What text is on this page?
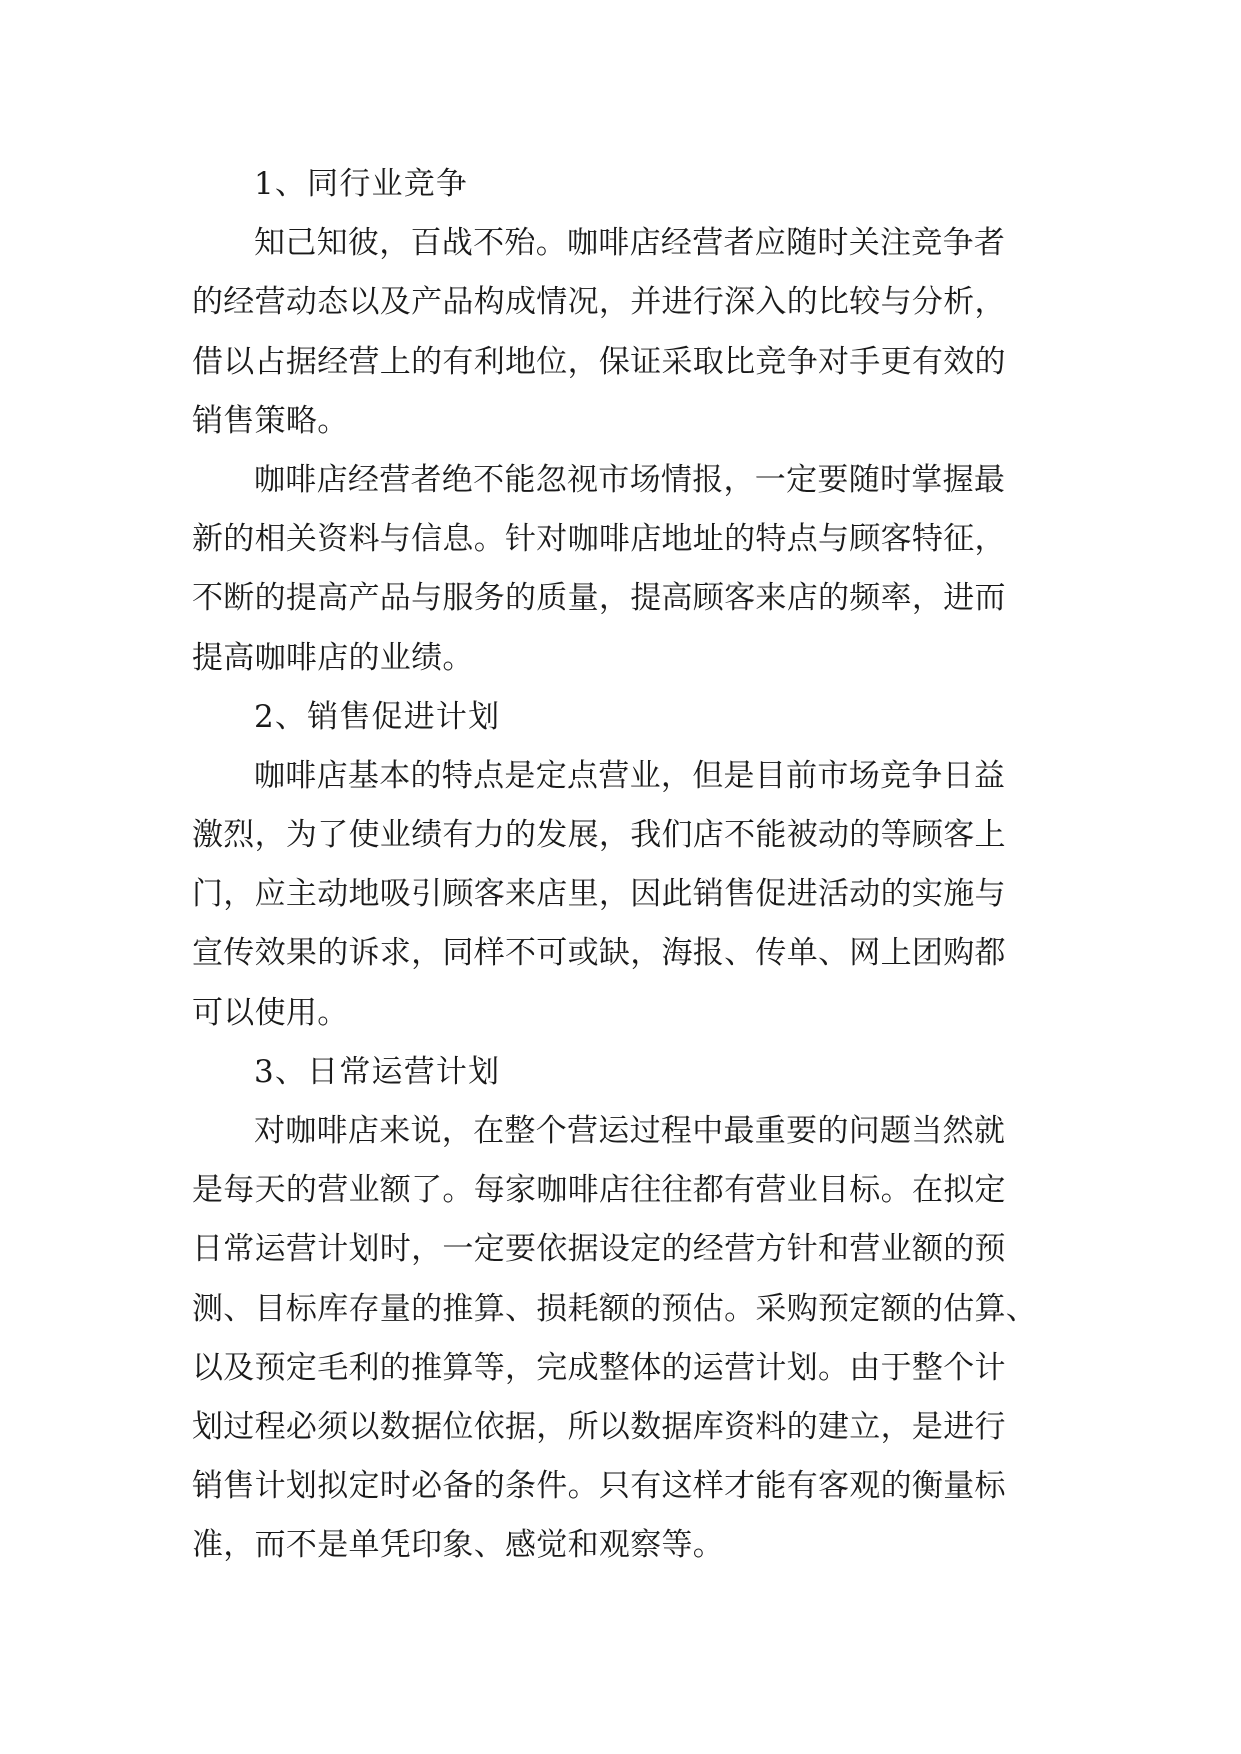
1、同行业竞争
知己知彼，百战不殆。咖啡店经营者应随时关注竞争者
的经营动态以及产品构成情况，并进行深入的比较与分析，
借以占据经营上的有利地位，保证采取比竞争对手更有效的
销售策略。
咖啡店经营者绝不能忽视市场情报，一定要随时掌握最
新的相关资料与信息。针对咖啡店地址的特点与顾客特征，
不断的提高产品与服务的质量，提高顾客来店的频率，进而
提高咖啡店的业绩。
2、销售促进计划
咖啡店基本的特点是定点营业，但是目前市场竞争日益
激烈，为了使业绩有力的发展，我们店不能被动的等顾客上
门，应主动地吸引顾客来店里，因此销售促进活动的实施与
宣传效果的诉求，同样不可或缺，海报、传单、网上团购都
可以使用。
3、日常运营计划
对咖啡店来说，在整个营运过程中最重要的问题当然就
是每天的营业额了。每家咖啡店往往都有营业目标。在拟定
日常运营计划时，一定要依据设定的经营方针和营业额的预
测、目标库存量的推算、损耗额的预估。采购预定额的估算、
以及预定毛利的推算等，完成整体的运营计划。由于整个计
划过程必须以数据位依据，所以数据库资料的建立，是进行
销售计划拟定时必备的条件。只有这样才能有客观的衡量标
准，而不是单凭印象、感觉和观察等。
